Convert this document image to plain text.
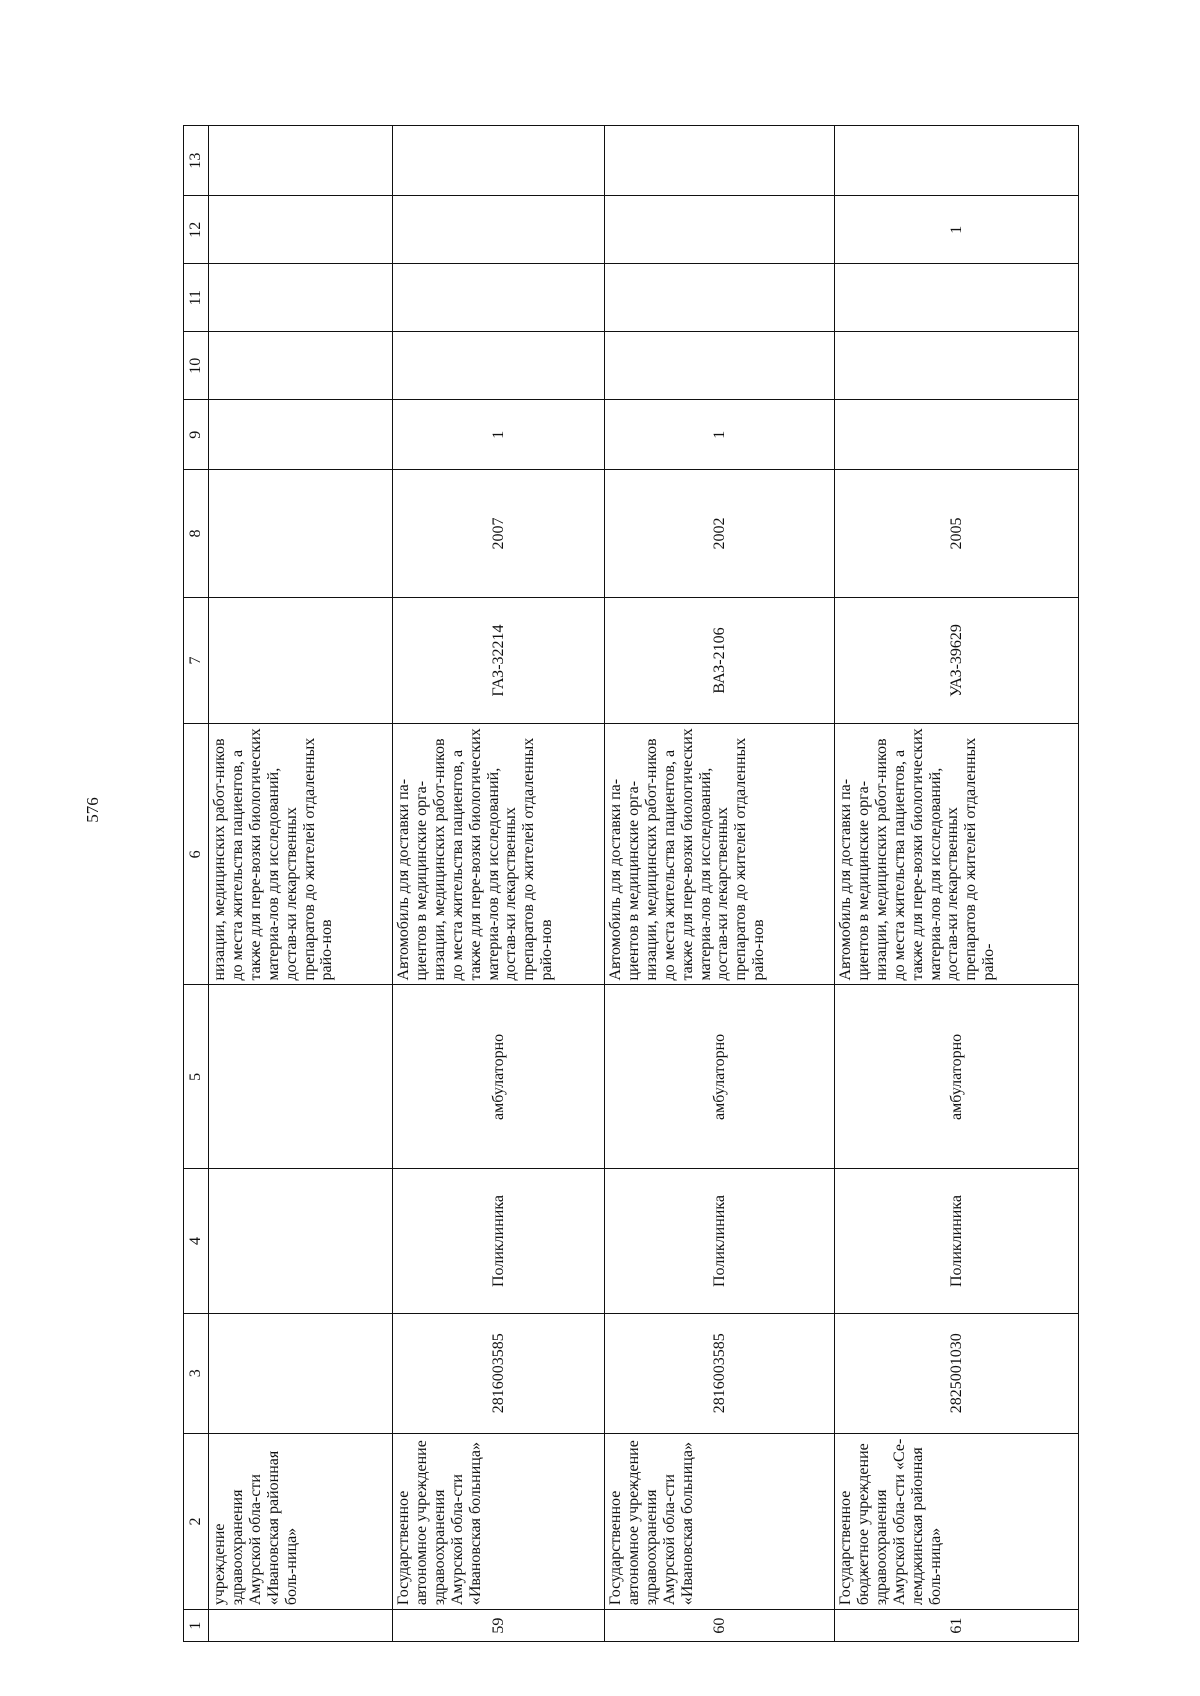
576
1	2	3	4	5	6	7	8	9	10	11	12	13
	учреждение здравоохранения Амурской обла-сти «Ивановская районная боль-ница»				низации, медицинских работ-ников до места жительства пациентов, а также для пере-возки биологических материа-лов для исследований, достав-ки лекарственных препаратов до жителей отдаленных райо-нов							
59	Государственное автономное учреждение здравоохранения Амурской обла-сти «Ивановская больница»	2816003585	Поликлиника	амбулаторно	Автомобиль для доставки па-циентов в медицинские орга-низации, медицинских работ-ников до места жительства пациентов, а также для пере-возки биологических материа-лов для исследований, достав-ки лекарственных препаратов до жителей отдаленных райо-нов	ГАЗ-32214	2007	1				
60	Государственное автономное учреждение здравоохранения Амурской обла-сти «Ивановская больница»	2816003585	Поликлиника	амбулаторно	Автомобиль для доставки па-циентов в медицинские орга-низации, медицинских работ-ников до места жительства пациентов, а также для пере-возки биологических материа-лов для исследований, достав-ки лекарственных препаратов до жителей отдаленных райо-нов	ВАЗ-2106	2002	1				
61	Государственное бюджетное учреждение здравоохранения Амурской обла-сти «Се-лемджинская районная боль-ница»	2825001030	Поликлиника	амбулаторно	Автомобиль для доставки па-циентов в медицинские орга-низации, медицинских работ-ников до места жительства пациентов, а также для пере-возки биологических материа-лов для исследований, достав-ки лекарственных препаратов до жителей отдаленных райо-	УАЗ-39629	2005				1	
